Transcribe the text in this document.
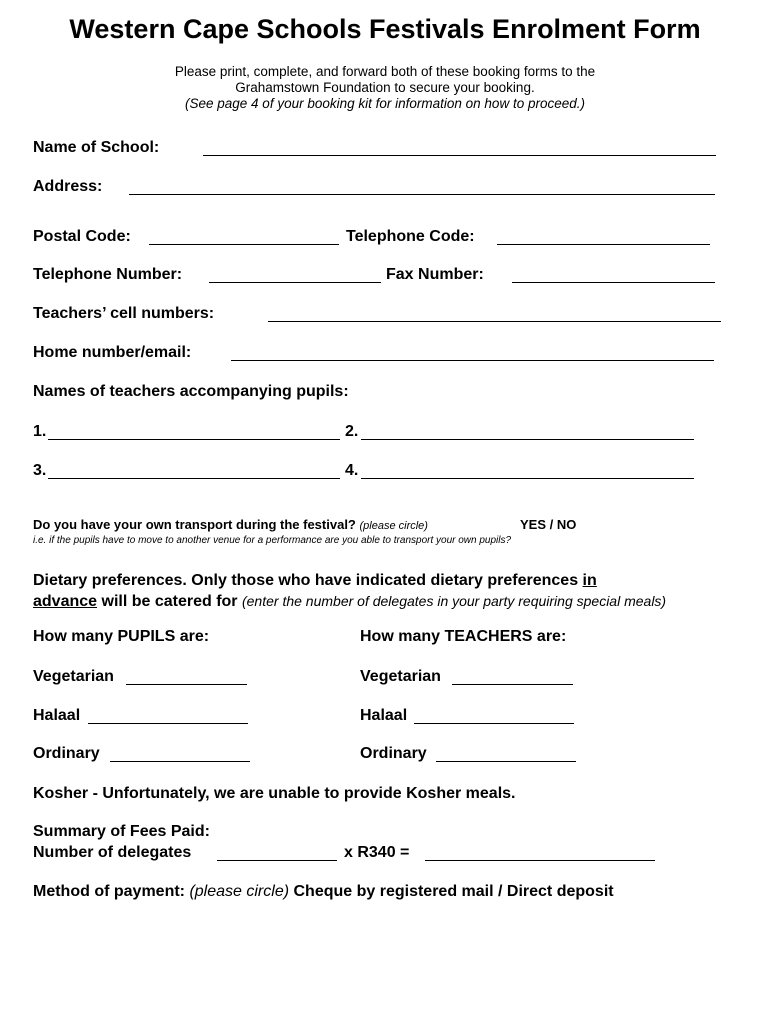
Western Cape Schools Festivals Enrolment Form
Please print, complete, and forward both of these booking forms to the
Grahamstown Foundation to secure your booking.
(See page 4 of your booking kit for information on how to proceed.)
Name of School:
Address:
Postal Code:	Telephone Code:
Telephone Number:	Fax Number:
Teachers’ cell numbers:
Home number/email:
Names of teachers accompanying pupils:
1.	2.
3.	4.
Do you have your own transport during the festival? (please circle)	YES / NO
i.e. if the pupils have to move to another venue for a performance are you able to transport your own pupils?
Dietary preferences. Only those who have indicated dietary preferences in
advance will be catered for (enter the number of delegates in your party requiring special meals)
How many PUPILS are:	How many TEACHERS are:
Vegetarian	Vegetarian
Halaal	Halaal
Ordinary	Ordinary
Kosher - Unfortunately, we are unable to provide Kosher meals.
Summary of Fees Paid:
Number of delegates	x R340 =
Method of payment: (please circle) Cheque by registered mail / Direct deposit
